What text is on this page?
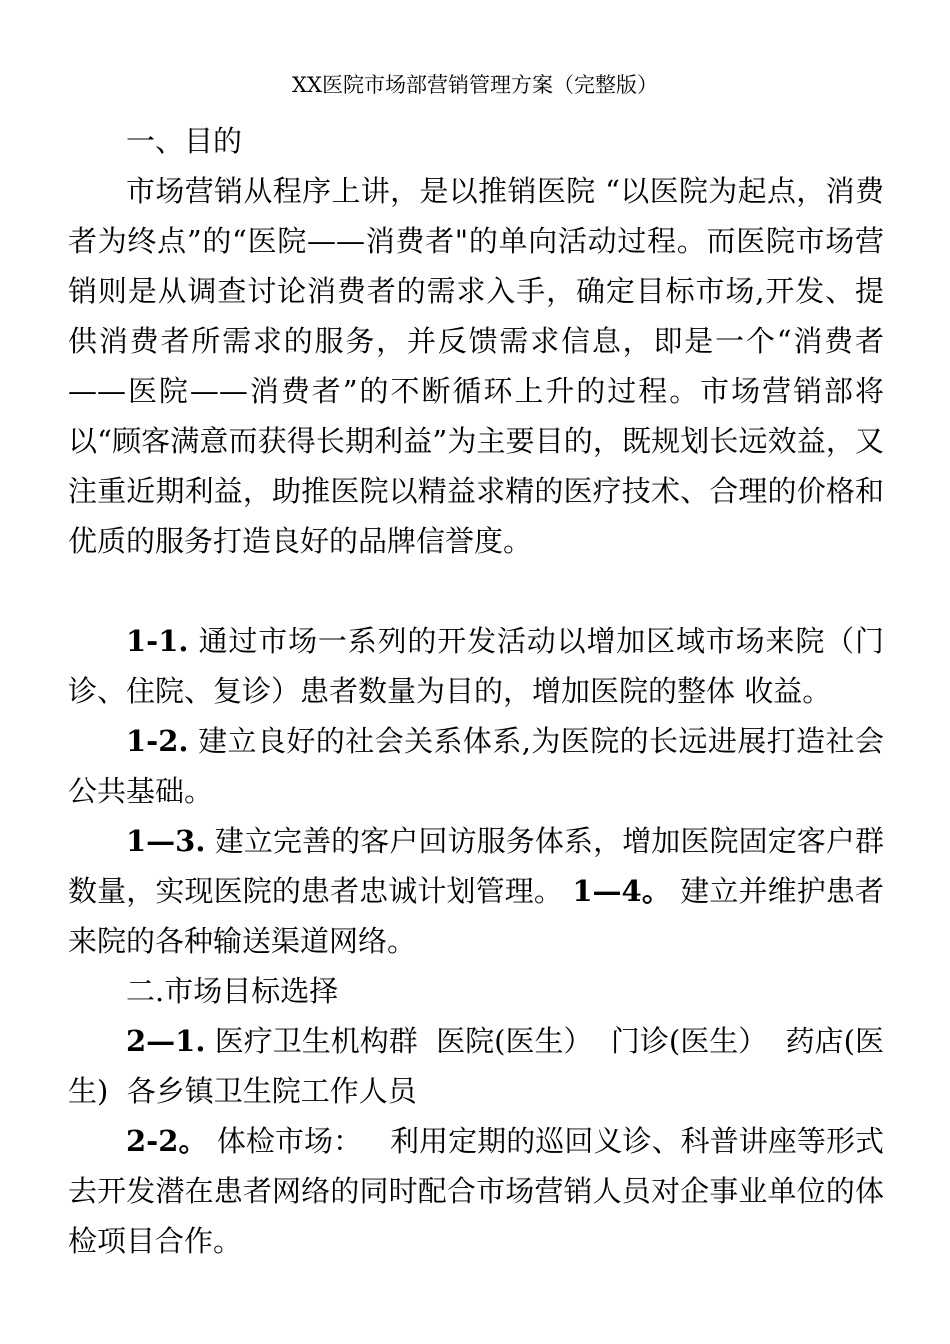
XX医院市场部营销管理方案（完整版）

一、目的

市场营销从程序上讲，是以推销医院 “以医院为起点，消费者为终点”的“医院——消费者"的单向活动过程。而医院市场营销则是从调查讨论消费者的需求入手，确定目标市场,开发、提供消费者所需求的服务，并反馈需求信息，即是一个“消费者——医院——消费者”的不断循环上升的过程。市场营销部将以“顾客满意而获得长期利益”为主要目的，既规划长远效益，又注重近期利益，助推医院以精益求精的医疗技术、合理的价格和优质的服务打造良好的品牌信誉度。

1-1. 通过市场一系列的开发活动以增加区域市场来院（门诊、住院、复诊）患者数量为目的，增加医院的整体 收益。

1-2. 建立良好的社会关系体系,为医院的长远进展打造社会公共基础。

1—3. 建立完善的客户回访服务体系，增加医院固定客户群数量，实现医院的患者忠诚计划管理。 1—4。 建立并维护患者来院的各种输送渠道网络。

二.市场目标选择

2—1. 医疗卫生机构群  医院(医生）  门诊(医生）  药店(医生)  各乡镇卫生院工作人员

2-2。 体检市场：   利用定期的巡回义诊、科普讲座等形式去开发潜在患者网络的同时配合市场营销人员对企事业单位的体检项目合作。
